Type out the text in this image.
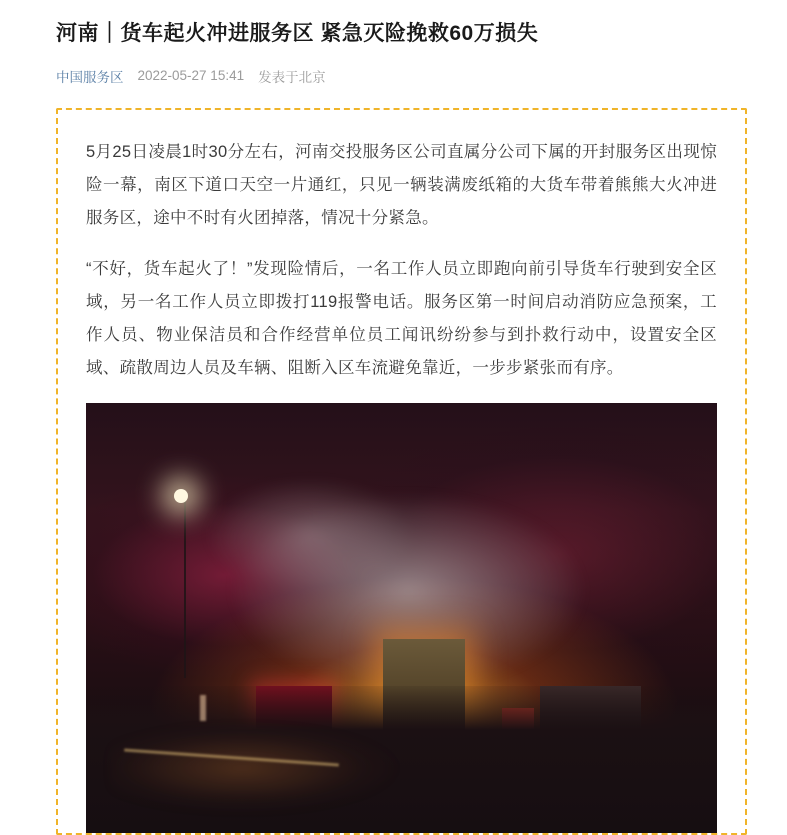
河南｜货车起火冲进服务区 紧急灭险挽救60万损失
中国服务区 2022-05-27 15:41 发表于北京

5月25日凌晨1时30分左右，河南交投服务区公司直属分公司下属的开封服务区出现惊险一幕，南区下道口天空一片通红，只见一辆装满废纸箱的大货车带着熊熊大火冲进服务区，途中不时有火团掉落，情况十分紧急。

“不好，货车起火了！”发现险情后，一名工作人员立即跑向前引导货车行驶到安全区域，另一名工作人员立即拨打119报警电话。服务区第一时间启动消防应急预案，工作人员、物业保洁员和合作经营单位员工闻讯纷纷参与到扑救行动中，设置安全区域、疏散周边人员及车辆、阻断入区车流避免靠近，一步步紧张而有序。
